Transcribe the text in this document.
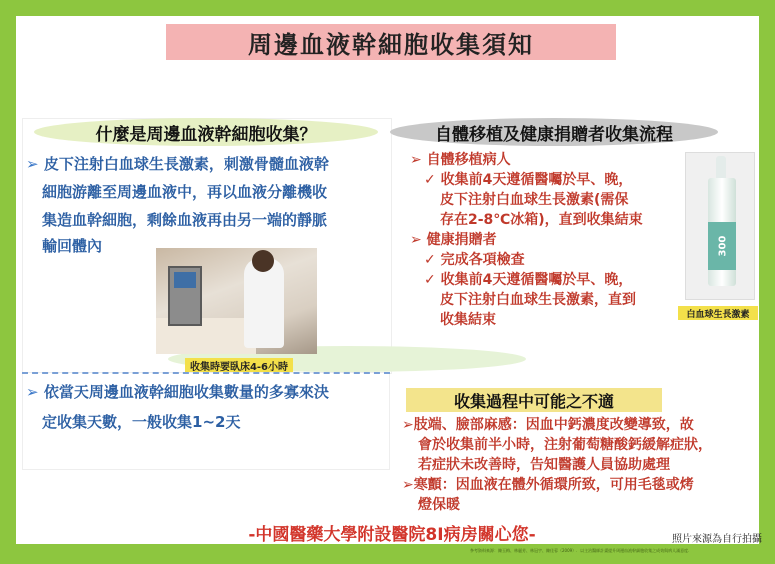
周邊血液幹細胞收集須知
什麼是周邊血液幹細胞收集？	自體移植及健康捐贈者收集流程
➢ 皮下注射白血球生長激素，刺激骨髓血液幹
細胞游離至周邊血液中，再以血液分離機收
集造血幹細胞，剩餘血液再由另一端的靜脈
輸回體內
收集時要臥床4-6小時
➢ 依當天周邊血液幹細胞收集數量的多寡來決
定收集天數，一般收集1~2天
➢ 自體移植病人
✓ 收集前4天遵循醫囑於早、晚，
皮下注射白血球生長激素(需保
存在2-8℃冰箱)，直到收集結束
➢ 健康捐贈者
✓ 完成各項檢查
✓ 收集前4天遵循醫囑於早、晚，
皮下注射白血球生長激素，直到
收集結束
300
白血球生長激素
收集過程中可能之不適
➢肢端、臉部麻感：因血中鈣濃度改變導致，故
會於收集前半小時，注射葡萄糖酸鈣緩解症狀，
若症狀未改善時，告知醫護人員協助處理
➢寒顫：因血液在體外循環所致，可用毛毯或烤
燈保暖
-中國醫藥大學附設醫院8I病房關心您-	照片來源為自行拍攝
參考資料來源：陳玉梅、林麗芳、林冠宇、陳佳蓉（2009）．以主治醫師計畫提升周邊血液幹細胞收集之成效與病人滿意度．
